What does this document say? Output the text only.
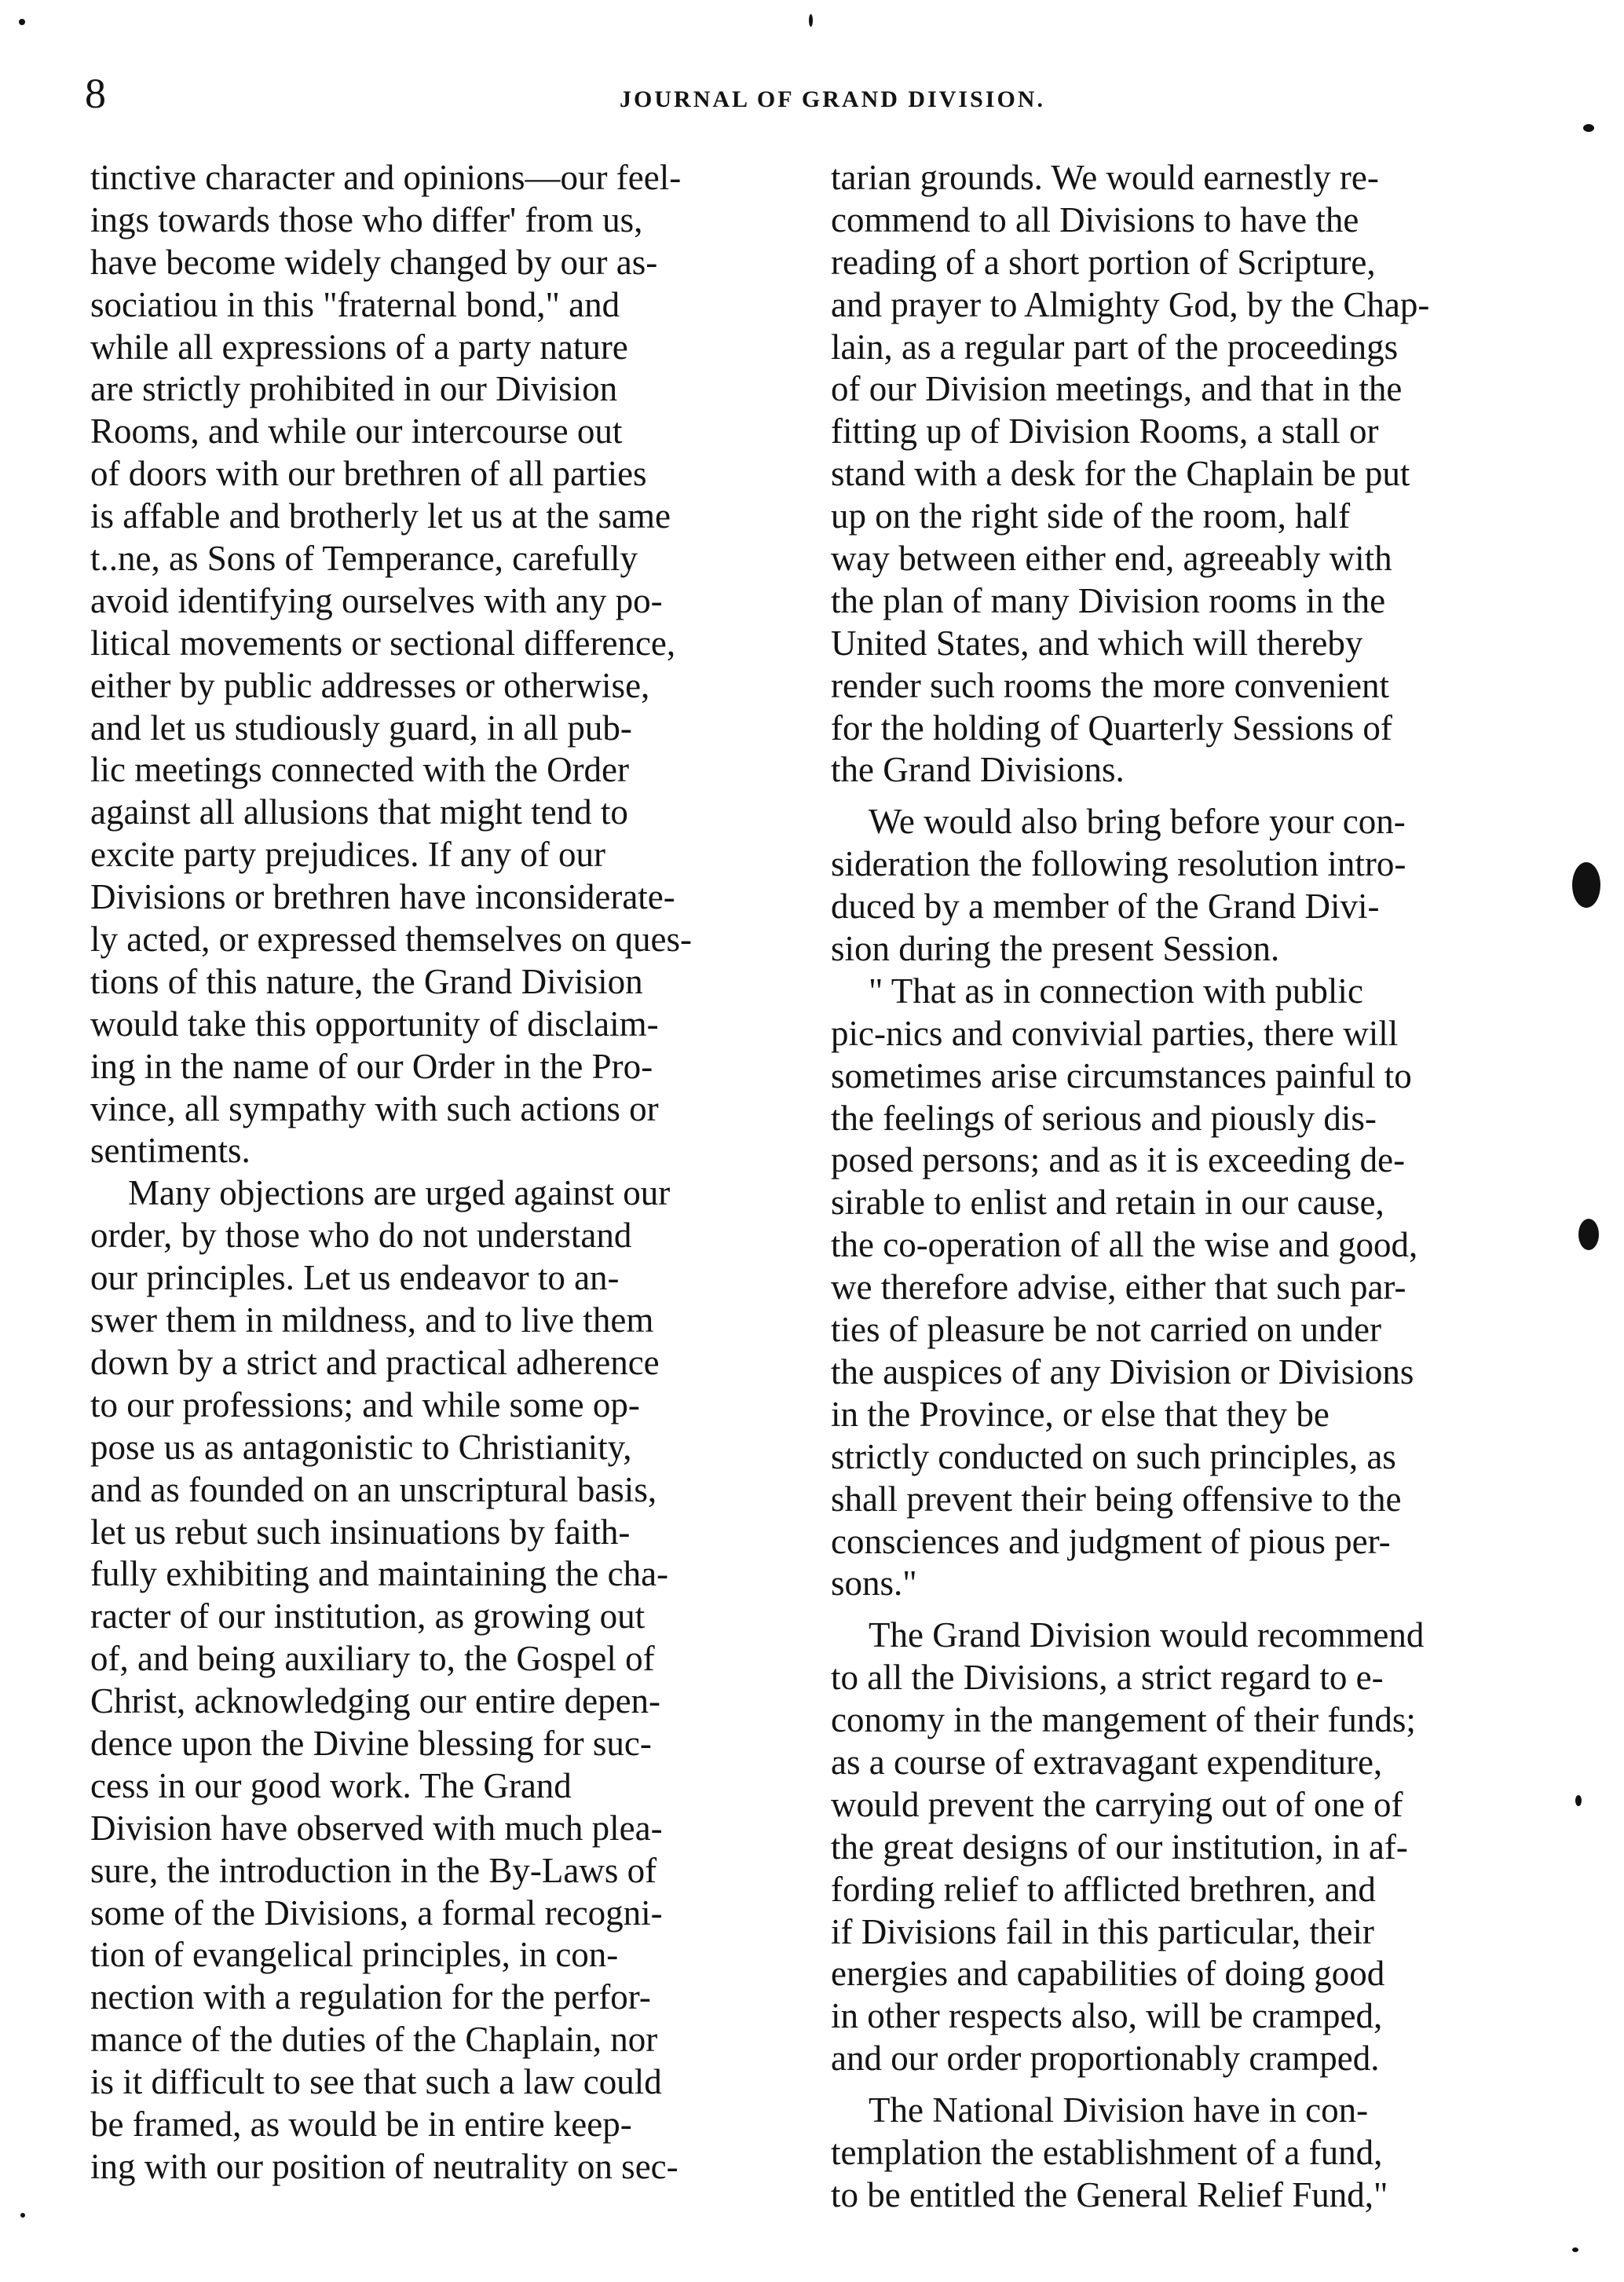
8	JOURNAL OF GRAND DIVISION.
tinctive character and opinions—our feel-
ings towards those who differ' from us,
have become widely changed by our as-
sociatiou in this "fraternal bond," and
while all expressions of a party nature
are strictly prohibited in our Division
Rooms, and while our intercourse out
of doors with our brethren of all parties
is affable and brotherly let us at the same
t..ne, as Sons of Temperance, carefully
avoid identifying ourselves with any po-
litical movements or sectional difference,
either by public addresses or otherwise,
and let us studiously guard, in all pub-
lic meetings connected with the Order
against all allusions that might tend to
excite party prejudices. If any of our
Divisions or brethren have inconsiderate-
ly acted, or expressed themselves on ques-
tions of this nature, the Grand Division
would take this opportunity of disclaim-
ing in the name of our Order in the Pro-
vince, all sympathy with such actions or
sentiments.
Many objections are urged against our
order, by those who do not understand
our principles. Let us endeavor to an-
swer them in mildness, and to live them
down by a strict and practical adherence
to our professions; and while some op-
pose us as antagonistic to Christianity,
and as founded on an unscriptural basis,
let us rebut such insinuations by faith-
fully exhibiting and maintaining the cha-
racter of our institution, as growing out
of, and being auxiliary to, the Gospel of
Christ, acknowledging our entire depen-
dence upon the Divine blessing for suc-
cess in our good work. The Grand
Division have observed with much plea-
sure, the introduction in the By-Laws of
some of the Divisions, a formal recogni-
tion of evangelical principles, in con-
nection with a regulation for the perfor-
mance of the duties of the Chaplain, nor
is it difficult to see that such a law could
be framed, as would be in entire keep-
ing with our position of neutrality on sec-
tarian grounds. We would earnestly re-
commend to all Divisions to have the
reading of a short portion of Scripture,
and prayer to Almighty God, by the Chap-
lain, as a regular part of the proceedings
of our Division meetings, and that in the
fitting up of Division Rooms, a stall or
stand with a desk for the Chaplain be put
up on the right side of the room, half
way between either end, agreeably with
the plan of many Division rooms in the
United States, and which will thereby
render such rooms the more convenient
for the holding of Quarterly Sessions of
the Grand Divisions.
We would also bring before your con-
sideration the following resolution intro-
duced by a member of the Grand Divi-
sion during the present Session.
" That as in connection with public
pic-nics and convivial parties, there will
sometimes arise circumstances painful to
the feelings of serious and piously dis-
posed persons; and as it is exceeding de-
sirable to enlist and retain in our cause,
the co-operation of all the wise and good,
we therefore advise, either that such par-
ties of pleasure be not carried on under
the auspices of any Division or Divisions
in the Province, or else that they be
strictly conducted on such principles, as
shall prevent their being offensive to the
consciences and judgment of pious per-
sons."
The Grand Division would recommend
to all the Divisions, a strict regard to e-
conomy in the mangement of their funds;
as a course of extravagant expenditure,
would prevent the carrying out of one of
the great designs of our institution, in af-
fording relief to afflicted brethren, and
if Divisions fail in this particular, their
energies and capabilities of doing good
in other respects also, will be cramped,
and our order proportionably cramped.
The National Division have in con-
templation the establishment of a fund,
to be entitled the General Relief Fund,"
